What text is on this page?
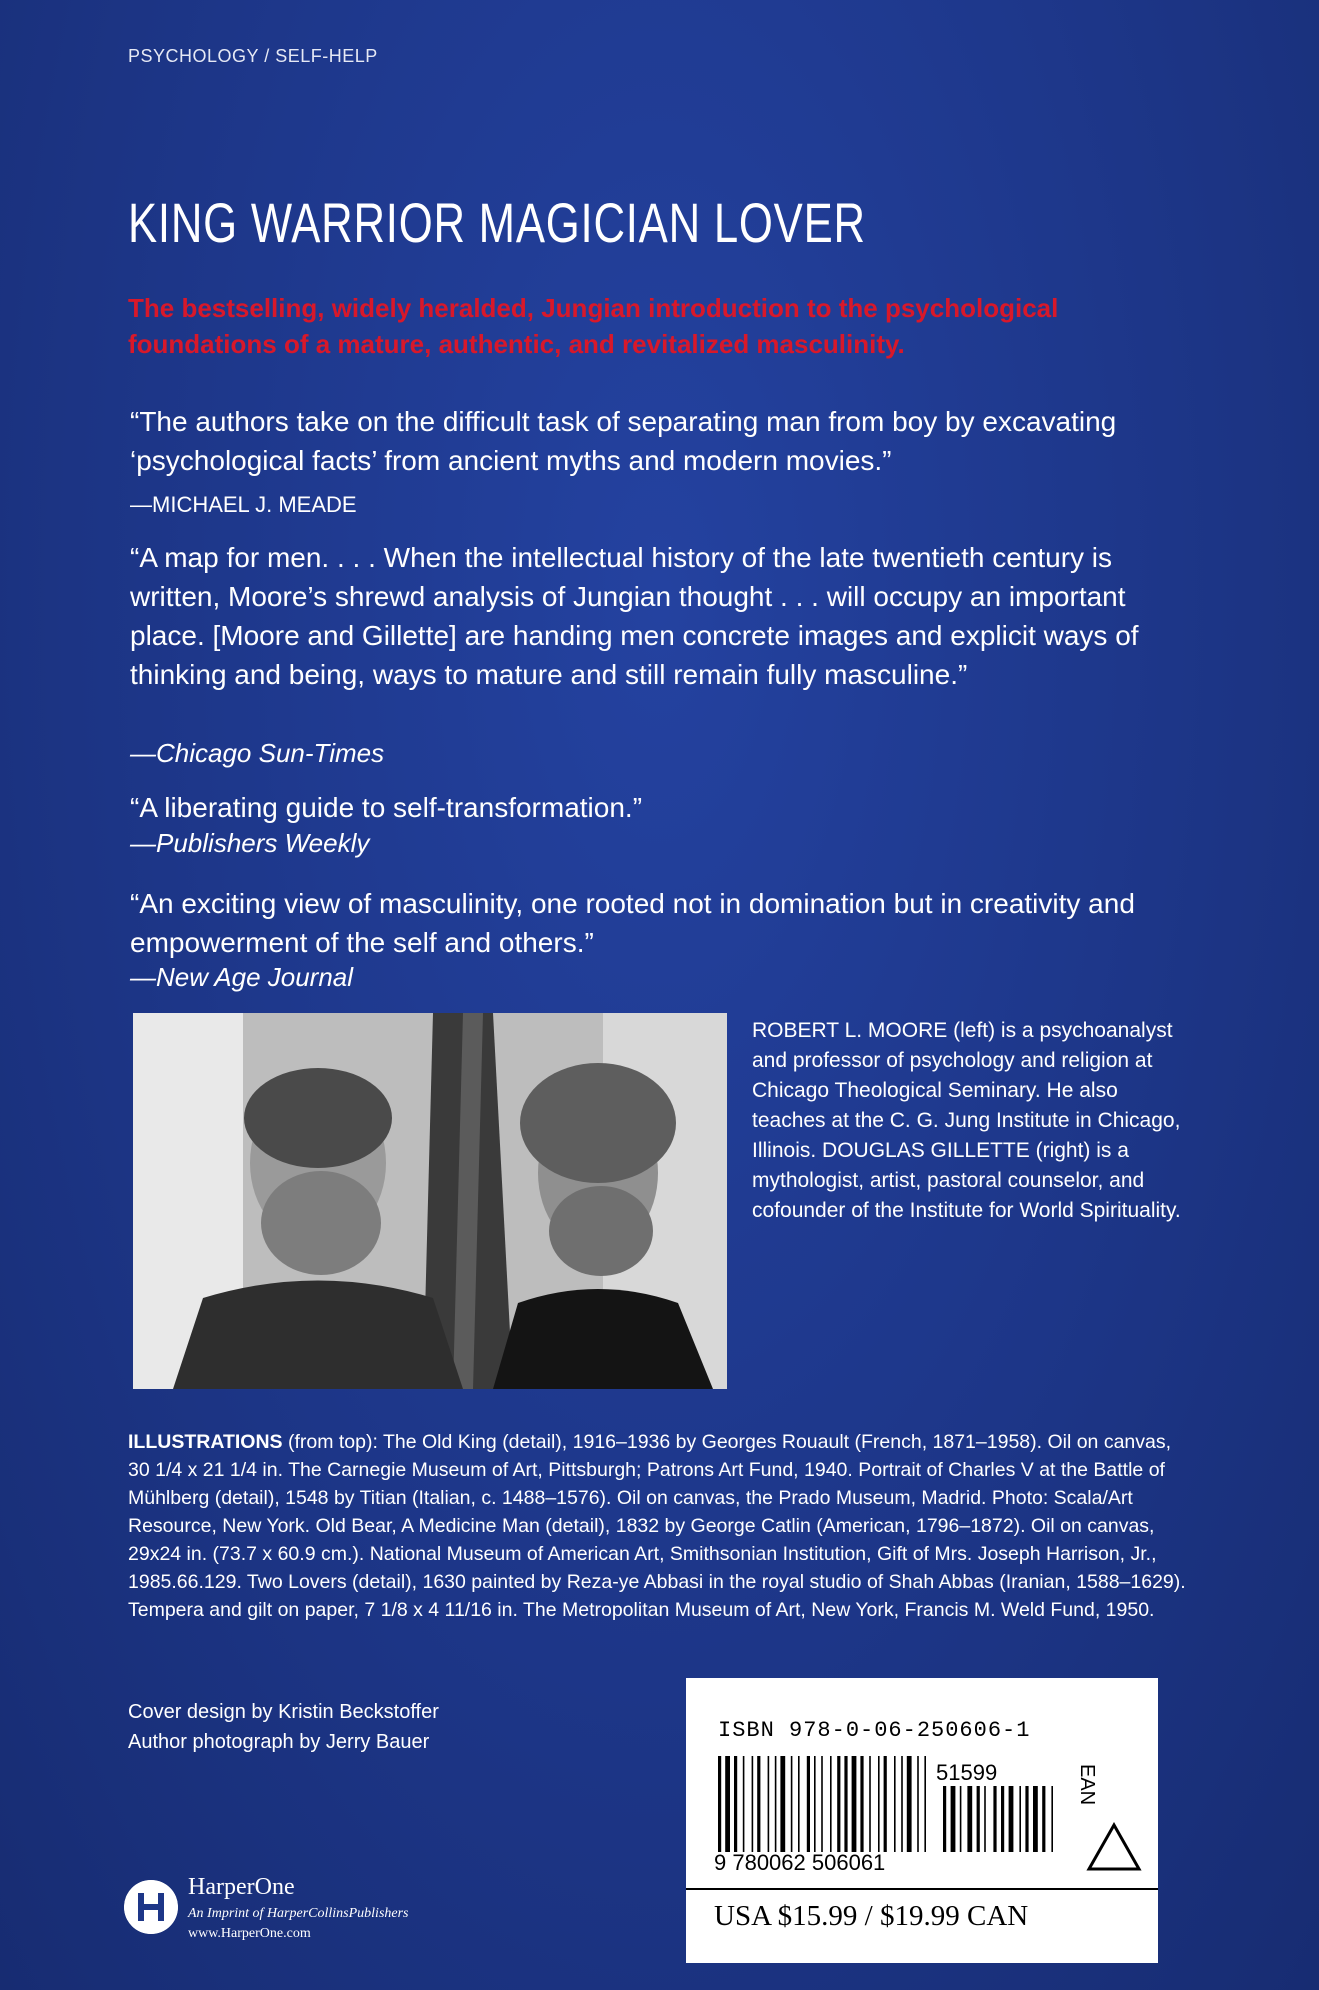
PSYCHOLOGY / SELF-HELP
KING WARRIOR MAGICIAN LOVER
The bestselling, widely heralded, Jungian introduction to the psychological foundations of a mature, authentic, and revitalized masculinity.
“The authors take on the difficult task of separating man from boy by excavating ‘psychological facts’ from ancient myths and modern movies.”
—MICHAEL J. MEADE
“A map for men. . . . When the intellectual history of the late twentieth century is written, Moore’s shrewd analysis of Jungian thought . . . will occupy an important place. [Moore and Gillette] are handing men concrete images and explicit ways of thinking and being, ways to mature and still remain fully masculine.”
—Chicago Sun-Times
“A liberating guide to self-transformation.”
—Publishers Weekly
“An exciting view of masculinity, one rooted not in domination but in creativity and empowerment of the self and others.”
—New Age Journal
ROBERT L. MOORE (left) is a psychoanalyst and professor of psychology and religion at Chicago Theological Seminary. He also teaches at the C. G. Jung Institute in Chicago, Illinois. DOUGLAS GILLETTE (right) is a mythologist, artist, pastoral counselor, and cofounder of the Institute for World Spirituality.
ILLUSTRATIONS (from top): The Old King (detail), 1916–1936 by Georges Rouault (French, 1871–1958). Oil on canvas, 30 1/4 x 21 1/4 in. The Carnegie Museum of Art, Pittsburgh; Patrons Art Fund, 1940. Portrait of Charles V at the Battle of Mühlberg (detail), 1548 by Titian (Italian, c. 1488–1576). Oil on canvas, the Prado Museum, Madrid. Photo: Scala/Art Resource, New York. Old Bear, A Medicine Man (detail), 1832 by George Catlin (American, 1796–1872). Oil on canvas, 29x24 in. (73.7 x 60.9 cm.). National Museum of American Art, Smithsonian Institution, Gift of Mrs. Joseph Harrison, Jr., 1985.66.129. Two Lovers (detail), 1630 painted by Reza-ye Abbasi in the royal studio of Shah Abbas (Iranian, 1588–1629). Tempera and gilt on paper, 7 1/8 x 4 11/16 in. The Metropolitan Museum of Art, New York, Francis M. Weld Fund, 1950.
Cover design by Kristin Beckstoffer
Author photograph by Jerry Bauer	ISBN 978-0-06-250606-1
51599
9 780062 506061
EAN
USA $15.99 / $19.99 CAN
HarperOne
An Imprint of HarperCollinsPublishers
www.HarperOne.com
